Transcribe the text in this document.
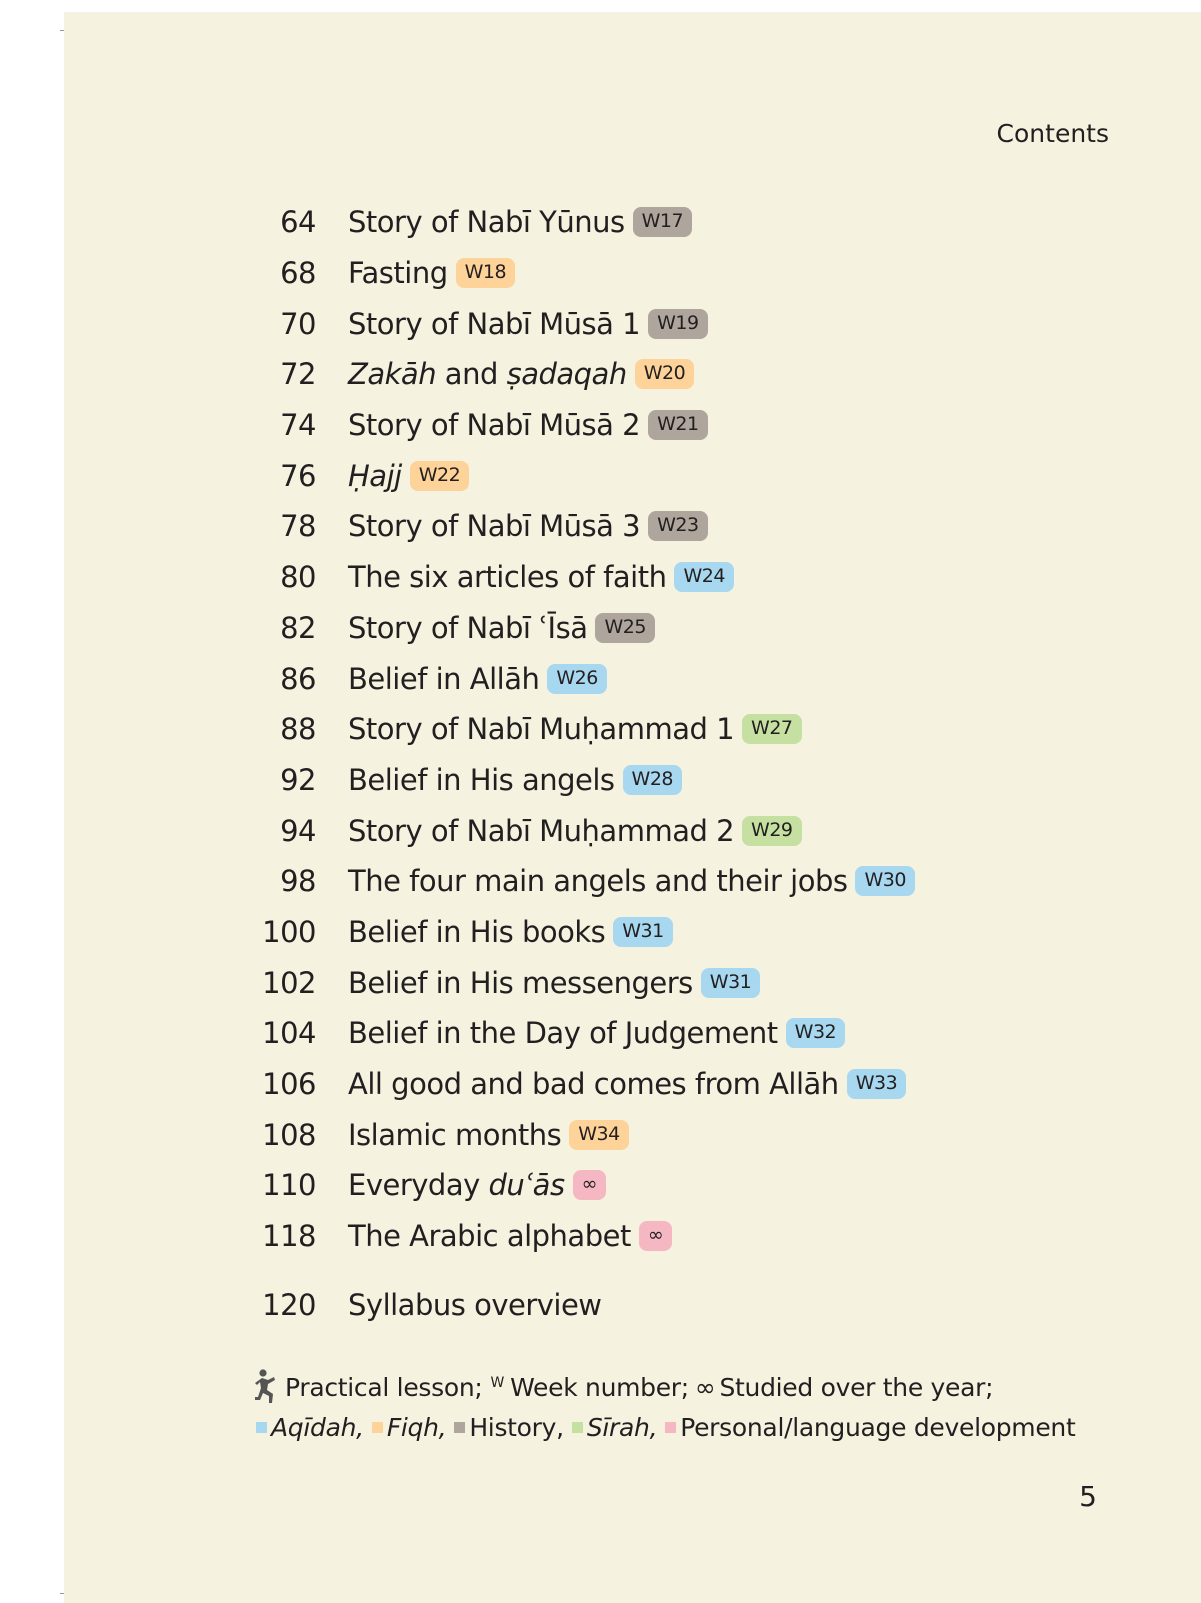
Contents
64 Story of Nabī Yūnus W17
68 Fasting W18
70 Story of Nabī Mūsā 1 W19
72 Zakāh and ṣadaqah W20
74 Story of Nabī Mūsā 2 W21
76 Ḥajj W22
78 Story of Nabī Mūsā 3 W23
80 The six articles of faith W24
82 Story of Nabī ʿĪsā W25
86 Belief in Allāh W26
88 Story of Nabī Muḥammad 1 W27
92 Belief in His angels W28
94 Story of Nabī Muḥammad 2 W29
98 The four main angels and their jobs W30
100 Belief in His books W31
102 Belief in His messengers W31
104 Belief in the Day of Judgement W32
106 All good and bad comes from Allāh W33
108 Islamic months W34
110 Everyday duʿās ∞
118 The Arabic alphabet ∞
120 Syllabus overview
Practical lesson; W Week number; ∞ Studied over the year;
Aqīdah, Fiqh, History, Sīrah, Personal/language development
5
